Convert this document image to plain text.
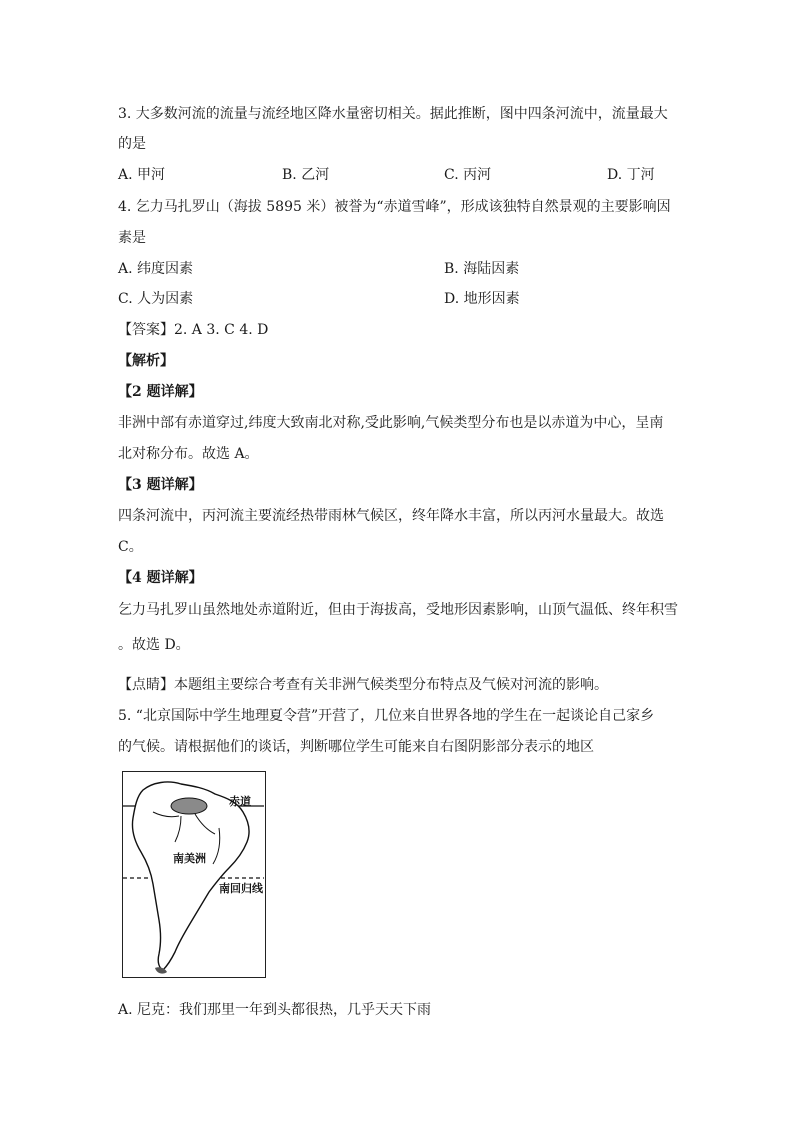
3. 大多数河流的流量与流经地区降水量密切相关。据此推断，图中四条河流中，流量最大
的是
A. 甲河	B. 乙河	C. 丙河	D. 丁河
4. 乞力马扎罗山（海拔 5895 米）被誉为“赤道雪峰”，形成该独特自然景观的主要影响因
素是
A. 纬度因素	B. 海陆因素
C. 人为因素	D. 地形因素
【答案】2. A 3. C 4. D
【解析】
【2 题详解】
非洲中部有赤道穿过,纬度大致南北对称,受此影响,气候类型分布也是以赤道为中心，呈南
北对称分布。故选 A。
【3 题详解】
四条河流中，丙河流主要流经热带雨林气候区，终年降水丰富，所以丙河水量最大。故选
C。
【4 题详解】
乞力马扎罗山虽然地处赤道附近，但由于海拔高，受地形因素影响，山顶气温低、终年积雪
。故选 D。
【点睛】本题组主要综合考查有关非洲气候类型分布特点及气候对河流的影响。
5. “北京国际中学生地理夏令营”开营了，几位来自世界各地的学生在一起谈论自己家乡
的气候。请根据他们的谈话，判断哪位学生可能来自右图阴影部分表示的地区
赤道
南美洲
南回归线
A. 尼克：我们那里一年到头都很热，几乎天天下雨
